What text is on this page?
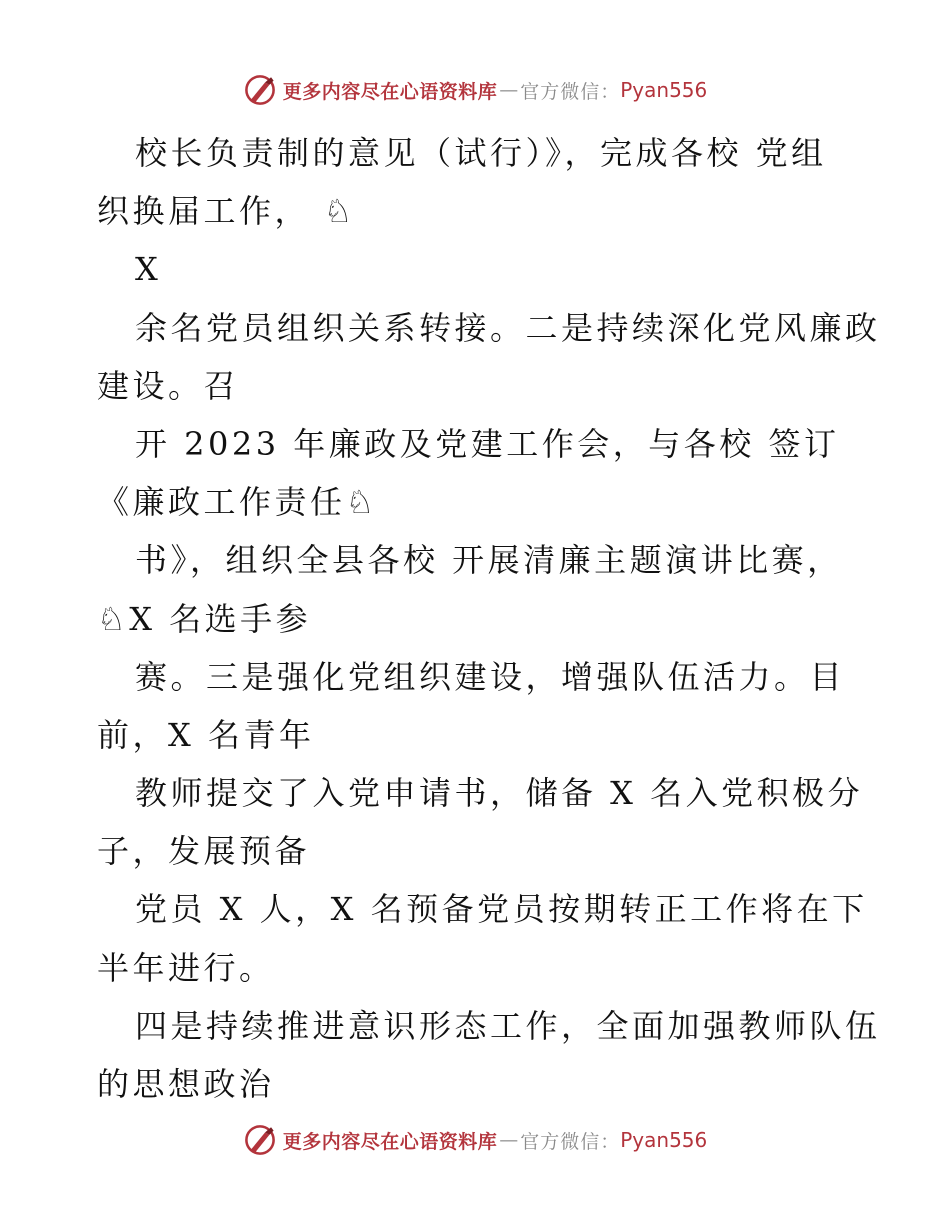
更多内容尽在心语资料库 — 官方微信： Pyan556
校长负责制的意见（试行）》，完成各校 党组
织换届工作， ♘
X
余名党员组织关系转接。二是持续深化党风廉政
建设。召
开 2023 年廉政及党建工作会，与各校 签订
《廉政工作责任♘
书》，组织全县各校 开展清廉主题演讲比赛，
♘X 名选手参
赛。三是强化党组织建设，增强队伍活力。目
前，X 名青年
教师提交了入党申请书，储备 X 名入党积极分
子，发展预备
党员 X 人，X 名预备党员按期转正工作将在下
半年进行。
四是持续推进意识形态工作，全面加强教师队伍
的思想政治
更多内容尽在心语资料库 — 官方微信： Pyan556
